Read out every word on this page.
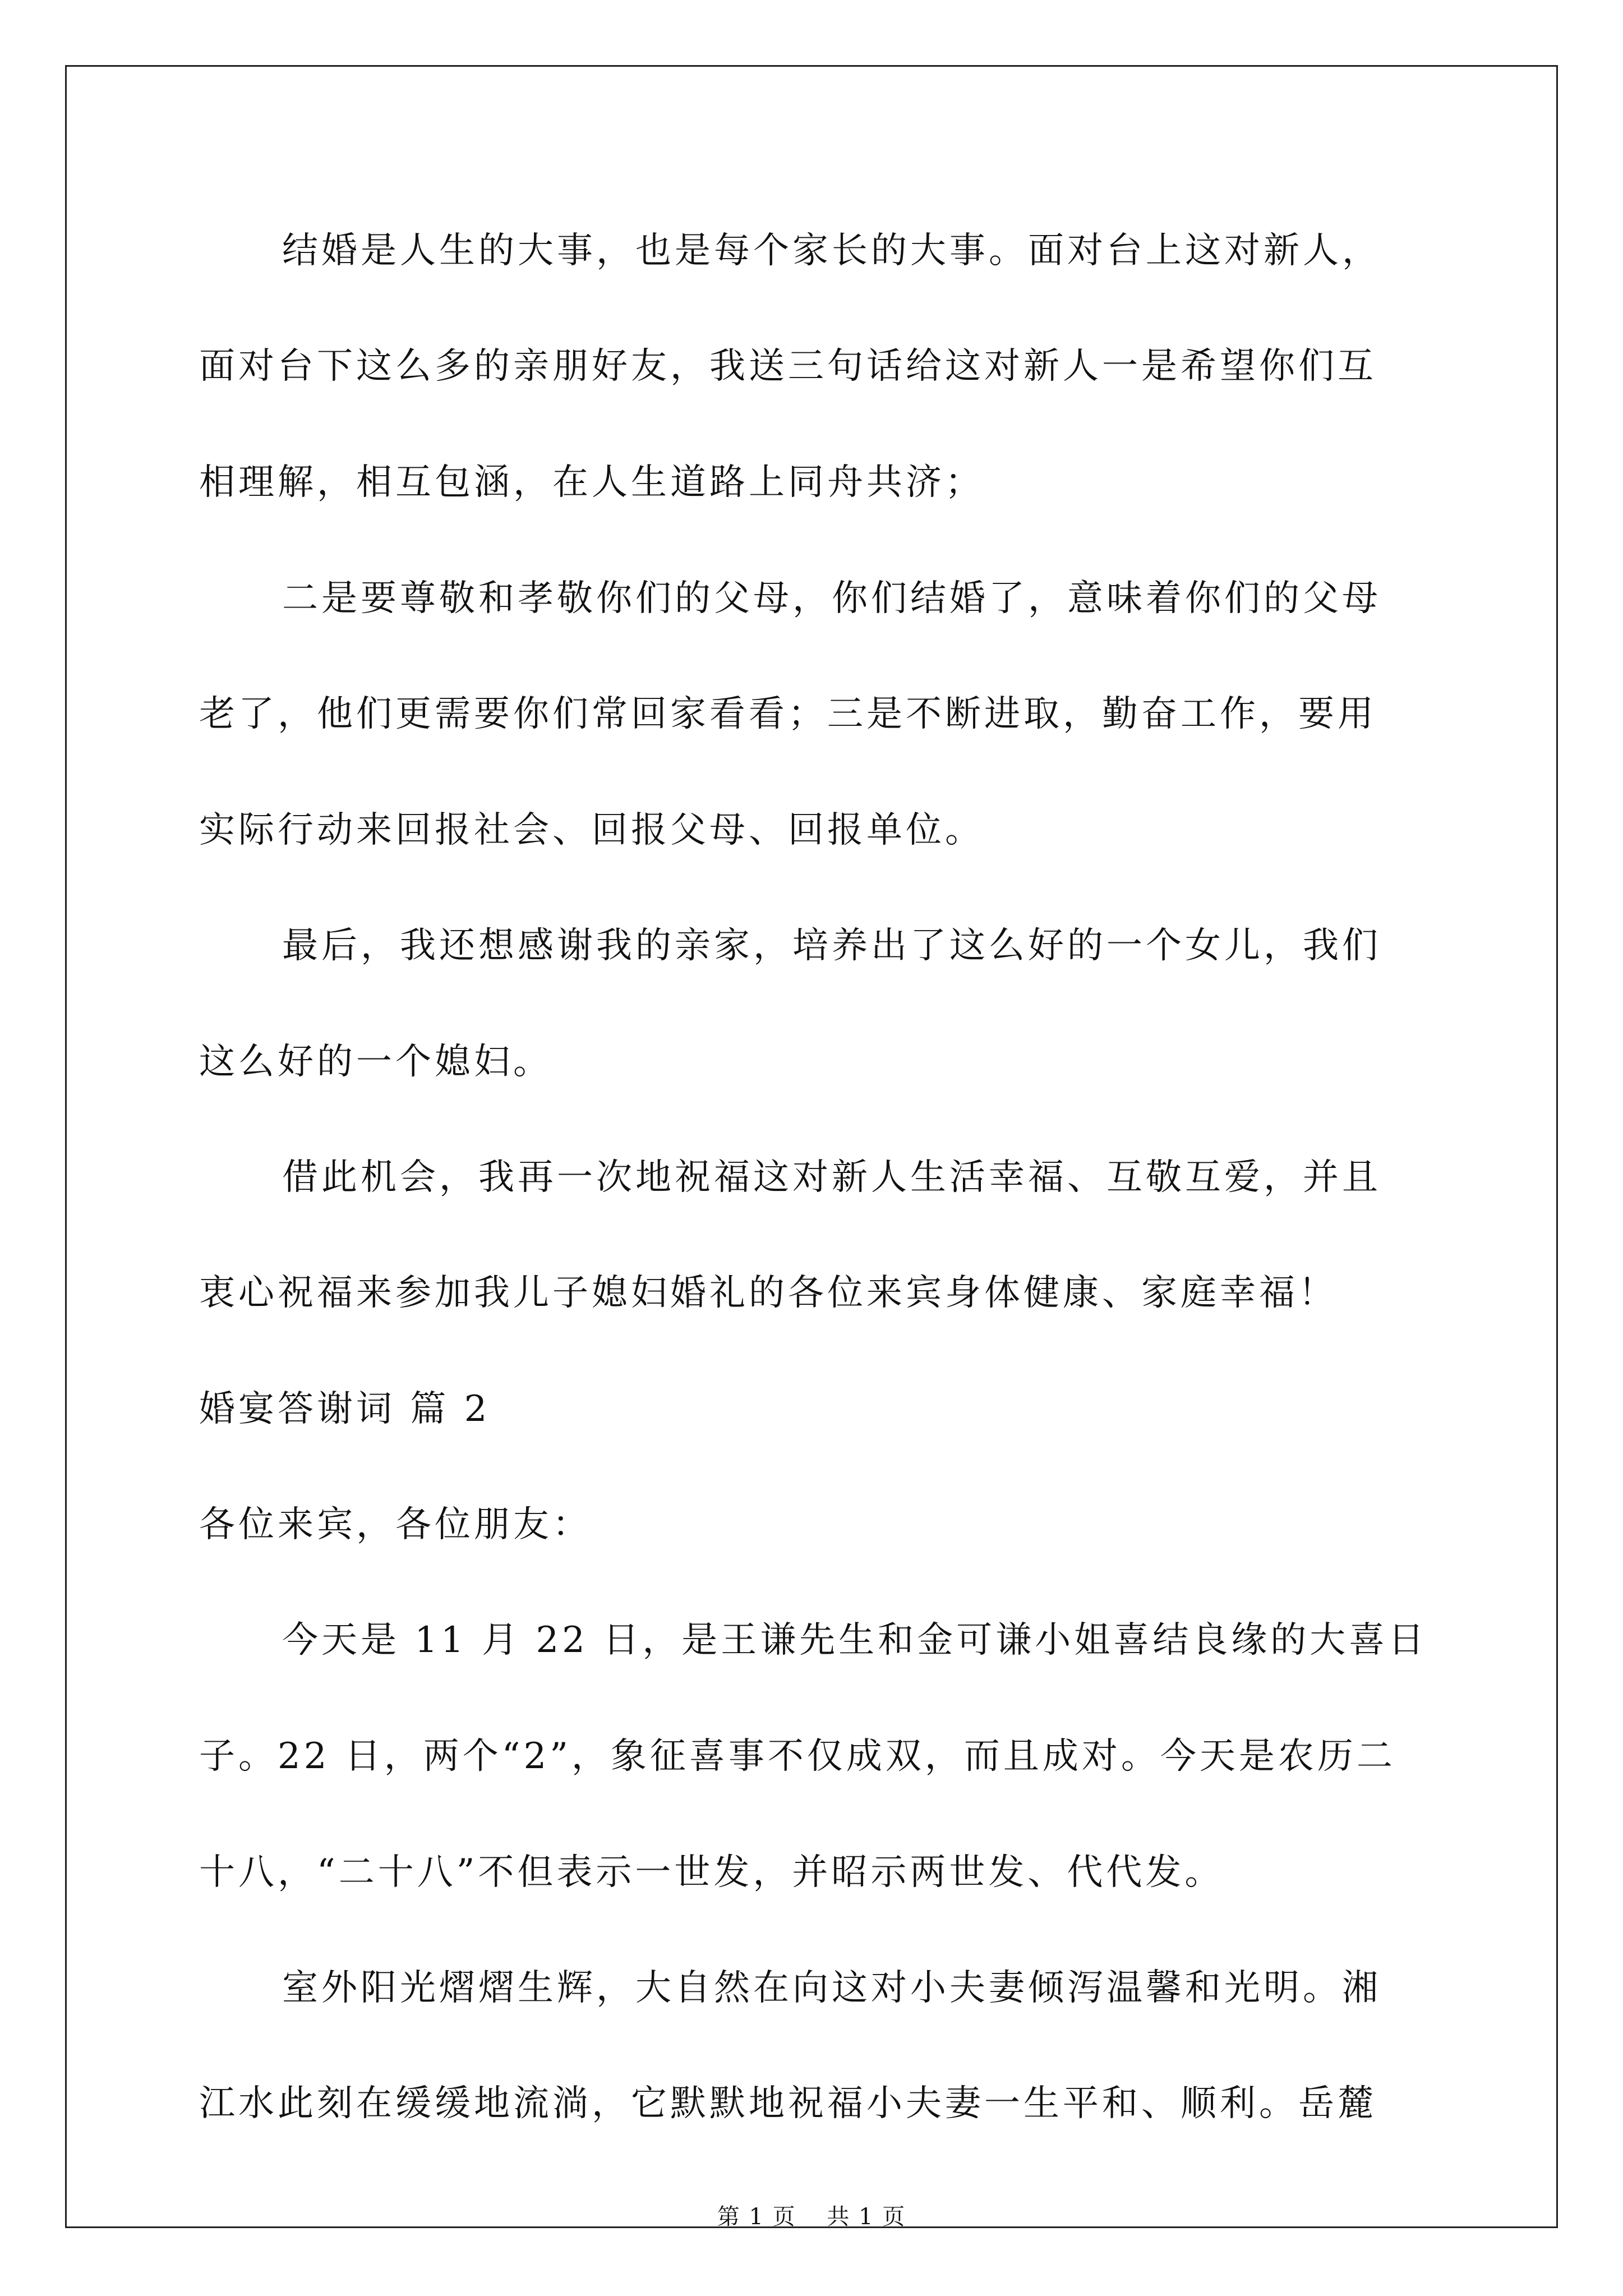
结婚是人生的大事，也是每个家长的大事。面对台上这对新人，
面对台下这么多的亲朋好友，我送三句话给这对新人一是希望你们互
相理解，相互包涵，在人生道路上同舟共济；
二是要尊敬和孝敬你们的父母，你们结婚了，意味着你们的父母
老了，他们更需要你们常回家看看；三是不断进取，勤奋工作，要用
实际行动来回报社会、回报父母、回报单位。
最后，我还想感谢我的亲家，培养出了这么好的一个女儿，我们
这么好的一个媳妇。
借此机会，我再一次地祝福这对新人生活幸福、互敬互爱，并且
衷心祝福来参加我儿子媳妇婚礼的各位来宾身体健康、家庭幸福！
婚宴答谢词 篇 2
各位来宾，各位朋友：
今天是 11 月 22 日，是王谦先生和金可谦小姐喜结良缘的大喜日
子。22 日，两个“2”，象征喜事不仅成双，而且成对。今天是农历二
十八，“二十八”不但表示一世发，并昭示两世发、代代发。
室外阳光熠熠生辉，大自然在向这对小夫妻倾泻温馨和光明。湘
江水此刻在缓缓地流淌，它默默地祝福小夫妻一生平和、顺利。岳麓
第 1 页 共 1 页
